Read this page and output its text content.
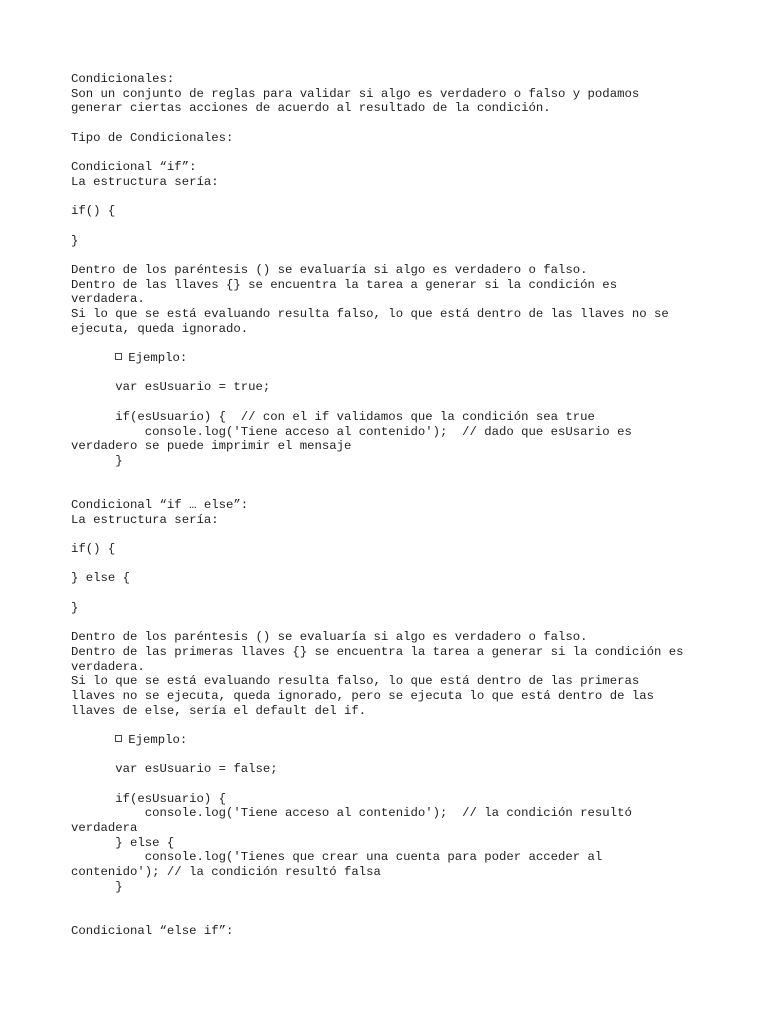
Condicionales:
Son un conjunto de reglas para validar si algo es verdadero o falso y podamos
generar ciertas acciones de acuerdo al resultado de la condición.
Tipo de Condicionales:
Condicional “if”:
La estructura sería:
if() {
}
Dentro de los paréntesis () se evaluaría si algo es verdadero o falso.
Dentro de las llaves {} se encuentra la tarea a generar si la condición es
verdadera.
Si lo que se está evaluando resulta falso, lo que está dentro de las llaves no se
ejecuta, queda ignorado.
Ejemplo:
var esUsuario = true;
if(esUsuario) {  // con el if validamos que la condición sea true
console.log('Tiene acceso al contenido');  // dado que esUsario es
verdadero se puede imprimir el mensaje
}
Condicional “if … else”:
La estructura sería:
if() {
} else {
}
Dentro de los paréntesis () se evaluaría si algo es verdadero o falso.
Dentro de las primeras llaves {} se encuentra la tarea a generar si la condición es
verdadera.
Si lo que se está evaluando resulta falso, lo que está dentro de las primeras
llaves no se ejecuta, queda ignorado, pero se ejecuta lo que está dentro de las
llaves de else, sería el default del if.
Ejemplo:
var esUsuario = false;
if(esUsuario) {
console.log('Tiene acceso al contenido');  // la condición resultó
verdadera
} else {
console.log('Tienes que crear una cuenta para poder acceder al
contenido'); // la condición resultó falsa
}
Condicional “else if”:
